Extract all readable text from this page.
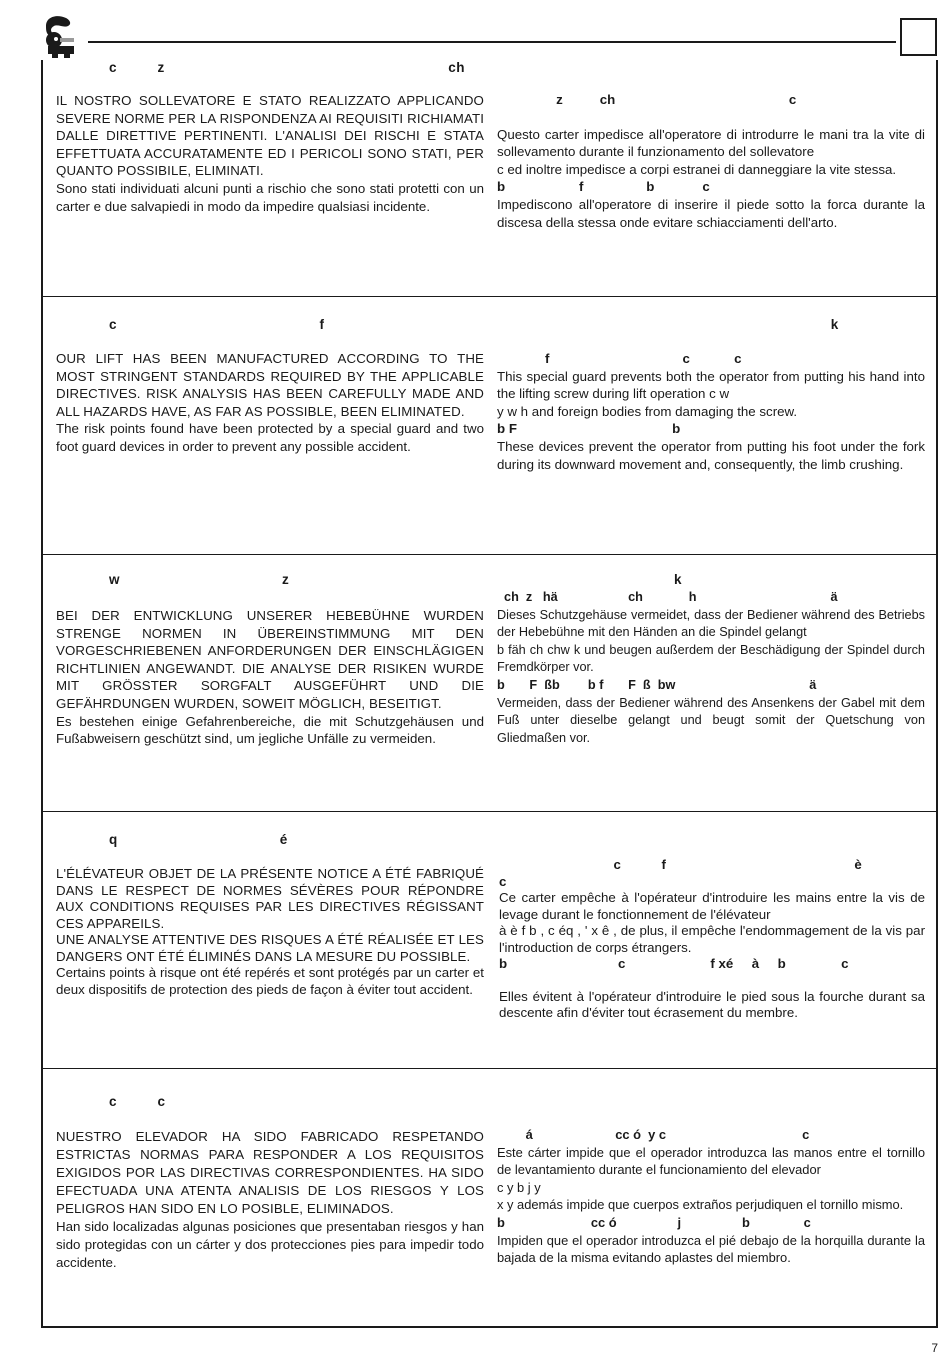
c  z              ch

IL NOSTRO SOLLEVATORE E STATO REALIZZATO APPLICANDO SEVERE NORME PER LA RISPONDENZA AI REQUISITI RICHIAMATI DALLE DIRETTIVE PERTINENTI. L'ANALISI DEI RISCHI E STATA EFFETTUATA ACCURATAMENTE ED I PERICOLI SONO STATI, PER QUANTO POSSIBILE, ELIMINATI.

Sono stati individuati alcuni punti a rischio che sono stati protetti con un carter e due salvapiedi in modo da impedire qualsiasi incidente.

z          ch                                               c

Questo carter impedisce all'operatore di introdurre le mani tra la vite di sollevamento durante il funzionamento del sollevatore

c ed inoltre impedisce a corpi estranei di danneggiare la vite stessa.

b                    f                 b             c

Impediscono all'operatore di inserire il piede sotto la forca durante la discesa della stessa onde evitare schiacciamenti dell'arto.

c          f                         k

OUR LIFT HAS BEEN MANUFACTURED ACCORDING TO THE MOST STRINGENT STANDARDS REQUIRED BY THE APPLICABLE DIRECTIVES. RISK ANALYSIS HAS BEEN CAREFULLY MADE AND ALL HAZARDS HAVE, AS FAR AS POSSIBLE, BEEN ELIMINATED.

The risk points found have been protected by a special guard and two foot guard devices in order to prevent any possible accident.

f                                    c            c

This special guard prevents both the operator from putting his hand into the lifting screw during lift operation c w

y w h and foreign bodies from damaging the screw.

b F                                          b

These devices prevent the operator from putting his foot under the fork during its downward movement and, consequently, the limb crushing.

w        z                   k

BEI DER ENTWICKLUNG UNSERER HEBEBÜHNE WURDEN STRENGE NORMEN IN ÜBEREINSTIMMUNG MIT DEN VORGESCHRIEBENEN ANFORDERUNGEN DER EINSCHLÄGIGEN RICHTLINIEN ANGEWANDT. DIE ANALYSE DER RISIKEN WURDE MIT GRÖSSTER SORGFALT AUSGEFÜHRT UND DIE GEFÄHRDUNGEN WURDEN, SOWEIT MÖGLICH, BESEITIGT.

Es bestehen einige Gefahrenbereiche, die mit Schutzgehäusen und Fußabweisern geschützt sind, um jegliche Unfälle zu vermeiden.

ch  z   hä                    ch             h                                      ä

Dieses Schutzgehäuse vermeidet, dass der Bediener während des Betriebs der Hebebühne mit den Händen an die Spindel gelangt

b fäh ch chw k und beugen außerdem der Beschädigung der Spindel durch Fremdkörper vor.

b       F  ßb        b f       F  ß  bw                                      ä

Vermeiden, dass der Bediener während des Ansenkens der Gabel mit dem Fuß unter dieselbe gelangt und beugt somit der Quetschung von Gliedmaßen vor.

q        é

L'ÉLÉVATEUR OBJET DE LA PRÉSENTE NOTICE A ÉTÉ FABRIQUÉ DANS LE RESPECT DE NORMES SÉVÈRES POUR RÉPONDRE AUX CONDITIONS REQUISES PAR LES DIRECTIVES RÉGISSANT CES APPAREILS.

UNE ANALYSE ATTENTIVE DES RISQUES A ÉTÉ RÉALISÉE ET LES DANGERS ONT ÉTÉ ÉLIMINÉS DANS LA MESURE DU POSSIBLE.

Certains points à risque ont été repérés et sont protégés par un carter et deux dispositifs de protection des pieds de façon à éviter tout accident.

c           f                                                   è
c

Ce carter empêche à l'opérateur d'introduire les mains entre la vis de levage durant le fonctionnement de l'élévateur

à è f b , c éq , ' x ê , de plus, il empêche l'endommagement de la vis par l'introduction de corps étrangers.

b                              c                       f xé     à     b               c

Elles évitent à l'opérateur d'introduire le pied sous la fourche durant sa descente afin d'éviter tout écrasement du membre.

c  c

NUESTRO ELEVADOR HA SIDO FABRICADO RESPETANDO ESTRICTAS NORMAS PARA RESPONDER A LOS REQUISITOS EXIGIDOS POR LAS DIRECTIVAS CORRESPONDIENTES. HA SIDO EFECTUADA UNA ATENTA ANALISIS DE LOS RIESGOS Y LOS PELIGROS HAN SIDO EN LO POSIBLE, ELIMINADOS.

Han sido localizadas algunas posiciones que presentaban riesgos y han sido protegidas con un cárter y dos protecciones pies para impedir todo accidente.

á                       cc ó  y c                                      c

Este cárter impide que el operador introduzca las manos entre el tornillo de levantamiento durante el funcionamiento del elevador

c y b j y
x y además impide que cuerpos extraños perjudiquen el tornillo mismo.

b                        cc ó                 j                 b               c

Impiden que el operador introduzca el pié debajo de la horquilla durante la bajada de la misma evitando aplastes del miembro.

7
